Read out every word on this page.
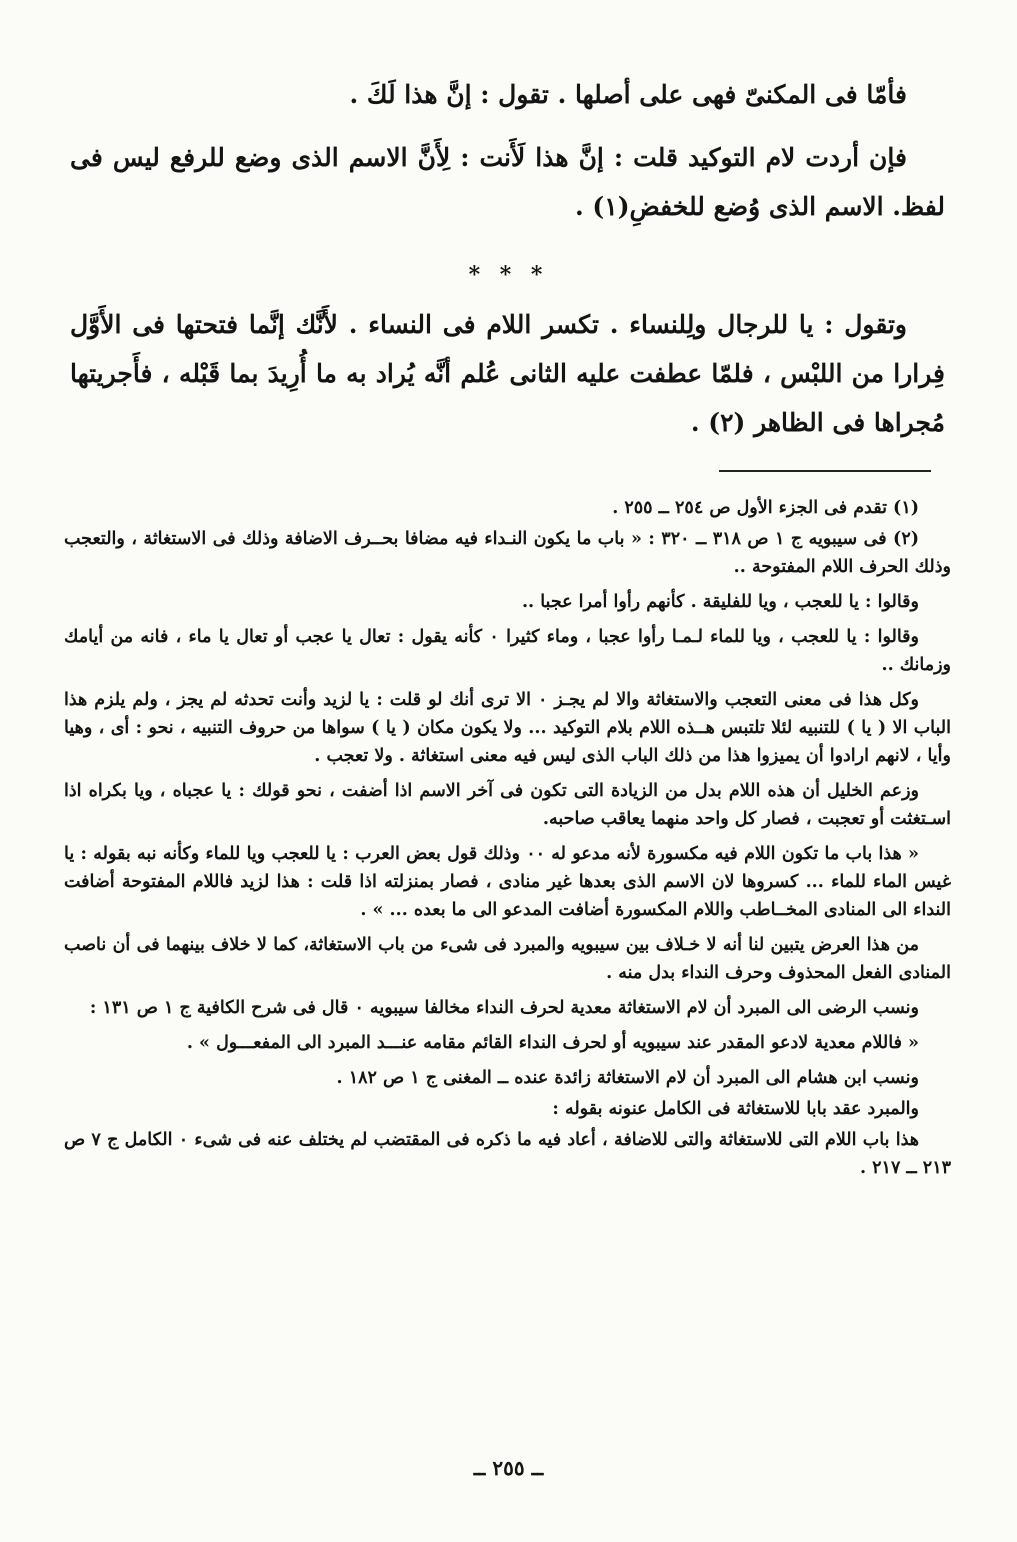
فأمّا فى المكنىّ فهى على أصلها . تقول : إنَّ هذا لَكَ .

فإن أردت لام التوكيد قلت : إنَّ هذا لَأَنت : لِأَنَّ الاسم الذى وضع للرفع ليس فى لفظ. الاسم الذى وُضع للخفضِ(١) .

* * *

وتقول : يا للرجال ولِلنساء . تكسر اللام فى النساء . لأَنَّك إنَّما فتحتها فى الأَوَّل فِرارا من اللبْس ، فلمّا عطفت عليه الثانى عُلم أنَّه يُراد به ما أُرِيدَ بما قَبْله ، فأَجريتها مُجراها فى الظاهر (٢) .

(١) تقدم فى الجزء الأول ص ٢٥٤ ــ ٢٥٥ .

(٢) فى سيبويه ج ١ ص ٣١٨ ــ ٣٢٠ : « باب ما يكون النـداء فيه مضافا بحــرف الاضافة وذلك فى الاستغاثة ، والتعجب وذلك الحرف اللام المفتوحة ..

وقالوا : يا للعجب ، ويا للفليقة . كأنهم رأوا أمرا عجبا ..

وقالوا : يا للعجب ، ويا للماء لـمـا رأوا عجبا ، وماء كثيرا ٠ كأنه يقول : تعال يا عجب أو تعال يا ماء ، فانه من أيامك وزمانك ..

وكل هذا فى معنى التعجب والاستغاثة والا لم يجـز ٠ الا ترى أنك لو قلت : يا لزيد وأنت تحدثه لم يجز ، ولم يلزم هذا الباب الا ( يا ) للتنبيه لئلا تلتبس هــذه اللام بلام التوكيد ... ولا يكون مكان ( يا ) سواها من حروف التنبيه ، نحو : أى ، وهيا وأيا ، لانهم ارادوا أن يميزوا هذا من ذلك الباب الذى ليس فيه معنى استغاثة . ولا تعجب .

وزعم الخليل أن هذه اللام بدل من الزيادة التى تكون فى آخر الاسم اذا أضفت ، نحو قولك : يا عجباه ، ويا بكراه اذا اسـتغثت أو تعجبت ، فصار كل واحد منهما يعاقب صاحبه.

« هذا باب ما تكون اللام فيه مكسورة لأنه مدعو له ٠٠ وذلك قول بعض العرب : يا للعجب ويا للماء وكأنه نبه بقوله : يا غيس الماء للماء ... كسروها لان الاسم الذى بعدها غير منادى ، فصار بمنزلته اذا قلت : هذا لزيد فاللام المفتوحة أضافت النداء الى المنادى المخــاطب واللام المكسورة أضافت المدعو الى ما بعده ... » .

من هذا العرض يتبين لنا أنه لا خـلاف بين سيبويه والمبرد فى شىء من باب الاستغاثة، كما لا خلاف بينهما فى أن ناصب المنادى الفعل المحذوف وحرف النداء بدل منه .

ونسب الرضى الى المبرد أن لام الاستغاثة معدية لحرف النداء مخالفا سيبويه ٠ قال فى شرح الكافية ج ١ ص ١٣١ :

« فاللام معدية لادعو المقدر عند سيبويه أو لحرف النداء القائم مقامه عنـــد المبرد الى المفعـــول » .

ونسب ابن هشام الى المبرد أن لام الاستغاثة زائدة عنده ــ المغنى ج ١ ص ١٨٢ .

والمبرد عقد بابا للاستغاثة فى الكامل عنونه بقوله :

هذا باب اللام التى للاستغاثة والتى للاضافة ، أعاد فيه ما ذكره فى المقتضب لم يختلف عنه فى شىء ٠ الكامل ج ٧ ص ٢١٣ ــ ٢١٧ .

ــ ٢٥٥ ــ
